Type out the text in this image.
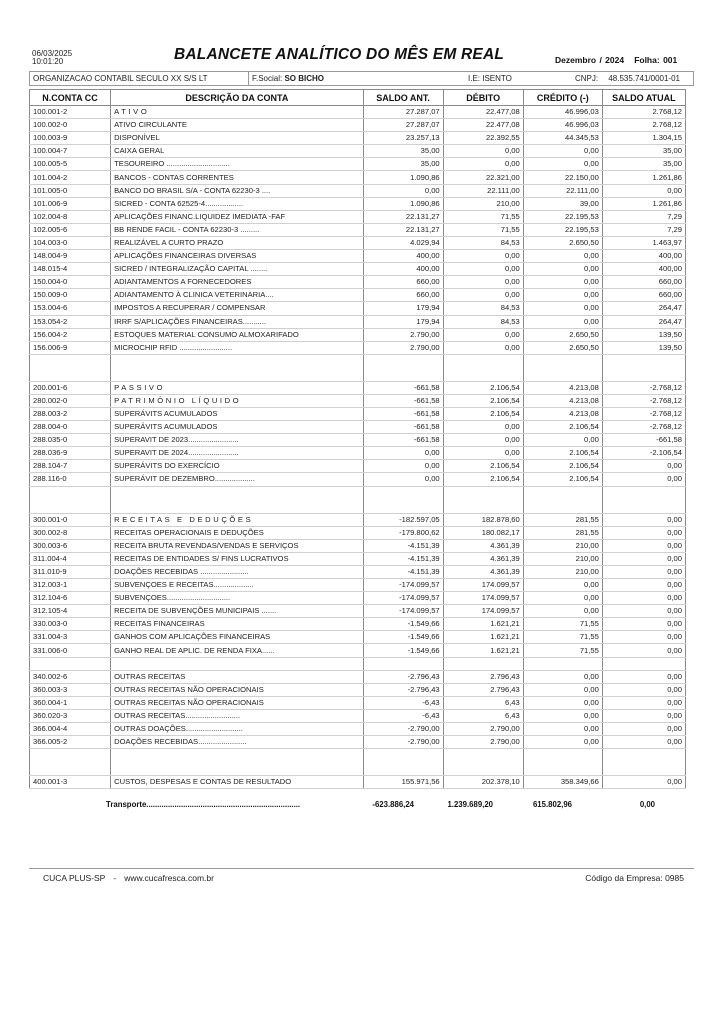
06/03/2025
10:01:20	BALANCETE ANALÍTICO DO MÊS EM REAL	Dezembro / 2024 Folha: 001
ORGANIZACAO CONTABIL SECULO XX S/S LT	F.Social: SO BICHO	I.E: ISENTO	CNPJ: 48.535.741/0001-01
N.CONTA CC	DESCRIÇÃO DA CONTA	SALDO ANT.	DÉBITO	CRÉDITO (-)	SALDO ATUAL
100.001-2	ATIVO	27.287,07	22.477,08	46.996,03	2.768,12
100.002-0	ATIVO CIRCULANTE	27.287,07	22.477,08	46.996,03	2.768,12
100.003-9	DISPONÍVEL	23.257,13	22.392,55	44.345,53	1.304,15
100.004-7	CAIXA GERAL	35,00	0,00	0,00	35,00
100.005-5	TESOUREIRO ..............................	35,00	0,00	0,00	35,00
101.004-2	BANCOS - CONTAS CORRENTES	1.090,86	22.321,00	22.150,00	1.261,86
101.005-0	BANCO DO BRASIL S/A - CONTA 62230-3 ....	0,00	22.111,00	22.111,00	0,00
101.006-9	SICRED - CONTA 62525-4..................	1.090,86	210,00	39,00	1.261,86
102.004-8	APLICAÇÕES FINANC.LIQUIDEZ IMEDIATA -FAF	22.131,27	71,55	22.195,53	7,29
102.005-6	BB RENDE FACIL - CONTA 62230-3 .........	22.131,27	71,55	22.195,53	7,29
104.003-0	REALIZÁVEL A CURTO PRAZO	4.029,94	84,53	2.650,50	1.463,97
148.004-9	APLICAÇÕES FINANCEIRAS DIVERSAS	400,00	0,00	0,00	400,00
148.015-4	SICRED / INTEGRALIZAÇÃO CAPITAL ........	400,00	0,00	0,00	400,00
150.004-0	ADIANTAMENTOS A FORNECEDORES	660,00	0,00	0,00	660,00
150.009-0	ADIANTAMENTO À CLINICA VETERINARIA....	660,00	0,00	0,00	660,00
153.004-6	IMPOSTOS A RECUPERAR / COMPENSAR	179,94	84,53	0,00	264,47
153.054-2	IRRF S/APLICAÇÕES FINANCEIRAS...........	179,94	84,53	0,00	264,47
156.004-2	ESTOQUES MATERIAL CONSUMO ALMOXARIFADO	2.790,00	0,00	2.650,50	139,50
156.006-9	MICROCHIP RFID .........................	2.790,00	0,00	2.650,50	139,50

200.001-6	PASSIVO	-661,58	2.106,54	4.213,08	-2.768,12
280.002-0	PATRIMÔNIO LÍQUIDO	-661,58	2.106,54	4.213,08	-2.768,12
288.003-2	SUPERÁVITS ACUMULADOS	-661,58	2.106,54	4.213,08	-2.768,12
288.004-0	SUPERÁVITS ACUMULADOS	-661,58	0,00	2.106,54	-2.768,12
288.035-0	SUPERAVIT DE 2023........................	-661,58	0,00	0,00	-661,58
288.036-9	SUPERAVIT DE 2024........................	0,00	0,00	2.106,54	-2.106,54
288.104-7	SUPERÁVITS DO EXERCÍCIO	0,00	2.106,54	2.106,54	0,00
288.116-0	SUPERÁVIT DE DEZEMBRO...................	0,00	2.106,54	2.106,54	0,00

300.001-0	RECEITAS E DEDUÇÕES	-182.597,05	182.878,60	281,55	0,00
300.002-8	RECEITAS OPERACIONAIS E DEDUÇÕES	-179.800,62	180.082,17	281,55	0,00
300.003-6	RECEITA BRUTA REVENDAS/VENDAS E SERVIÇOS	-4.151,39	4.361,39	210,00	0,00
311.004-4	RECEITAS DE ENTIDADES S/ FINS LUCRATIVOS	-4.151,39	4.361,39	210,00	0,00
311.010-9	DOAÇÕES RECEBIDAS .......................	-4.151,39	4.361,39	210,00	0,00
312.003-1	SUBVENÇOES E RECEITAS...................	-174.099,57	174.099,57	0,00	0,00
312.104-6	SUBVENÇOES..............................	-174.099,57	174.099,57	0,00	0,00
312.105-4	RECEITA DE SUBVENÇÕES MUNICIPAIS .......	-174.099,57	174.099,57	0,00	0,00
330.003-0	RECEITAS FINANCEIRAS	-1.549,66	1.621,21	71,55	0,00
331.004-3	GANHOS COM APLICAÇÕES FINANCEIRAS	-1.549,66	1.621,21	71,55	0,00
331.006-0	GANHO REAL DE APLIC. DE RENDA FIXA......	-1.549,66	1.621,21	71,55	0,00

340.002-6	OUTRAS RECEITAS	-2.796,43	2.796,43	0,00	0,00
360.003-3	OUTRAS RECEITAS NÃO OPERACIONAIS	-2.796,43	2.796,43	0,00	0,00
360.004-1	OUTRAS RECEITAS NÃO OPERACIONAIS	-6,43	6,43	0,00	0,00
360.020-3	OUTRAS RECEITAS..........................	-6,43	6,43	0,00	0,00
366.004-4	OUTRAS DOAÇÕES...........................	-2.790,00	2.790,00	0,00	0,00
366.005-2	DOAÇÕES RECEBIDAS.......................	-2.790,00	2.790,00	0,00	0,00

400.001-3	CUSTOS, DESPESAS E CONTAS DE RESULTADO	155.971,56	202.378,10	358.349,66	0,00
Transporte.......................................................................	-623.886,24	1.239.689,20	615.802,96	0,00
CUCA PLUS-SP - www.cucafresca.com.br	Código da Empresa: 0985
